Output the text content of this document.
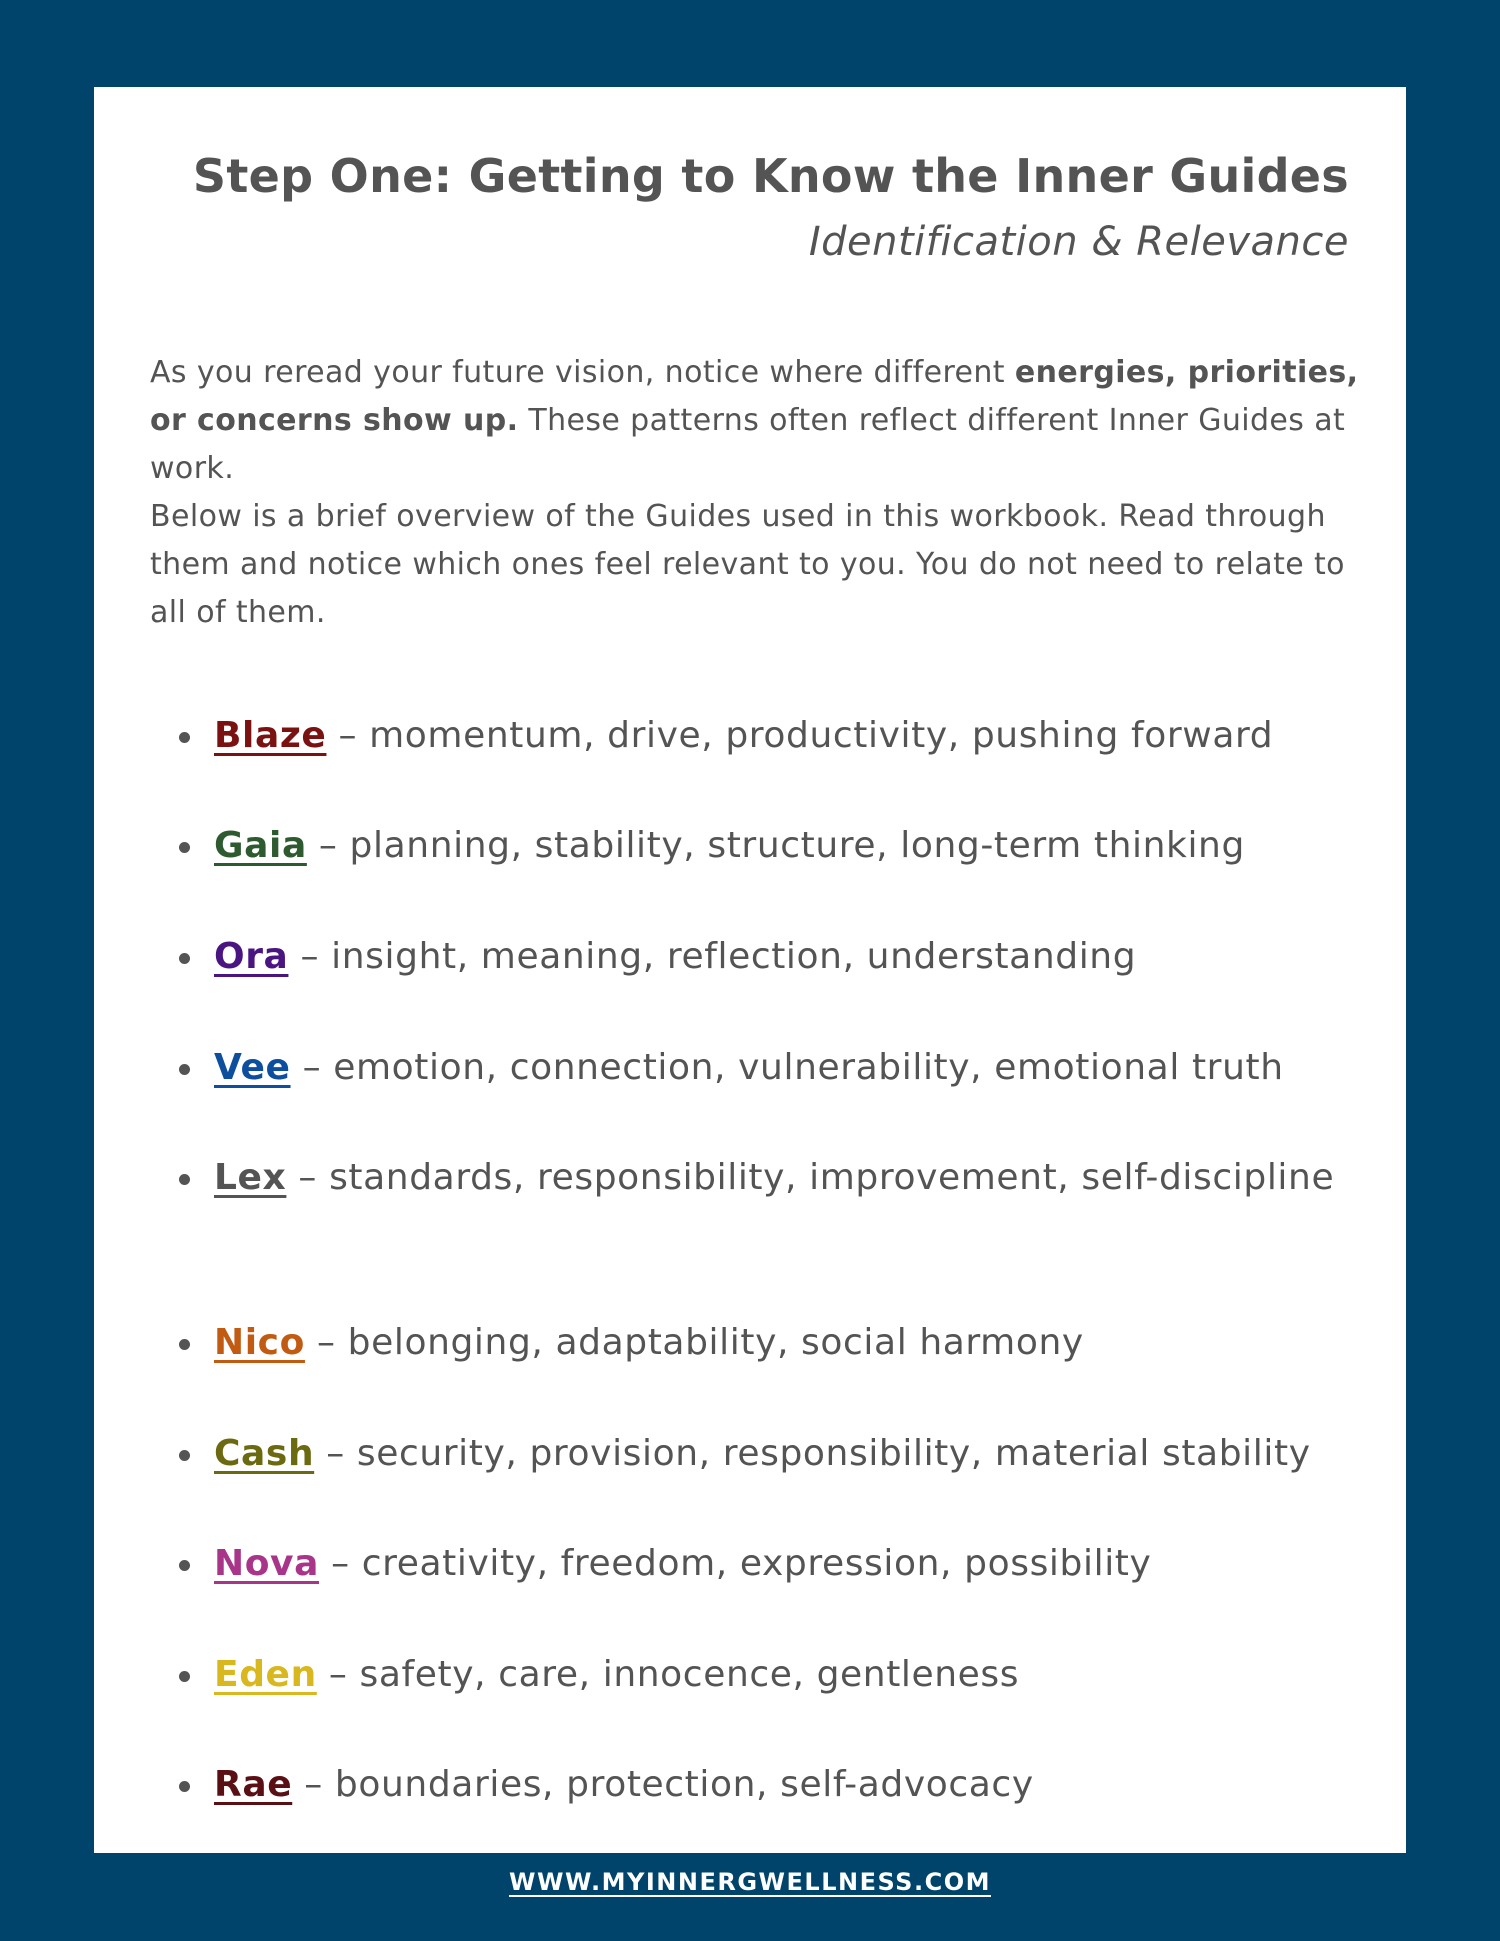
Step One: Getting to Know the Inner Guides
Identification & Relevance

As you reread your future vision, notice where different energies, priorities, or concerns show up. These patterns often reflect different Inner Guides at work.
Below is a brief overview of the Guides used in this workbook. Read through them and notice which ones feel relevant to you. You do not need to relate to all of them.

Blaze – momentum, drive, productivity, pushing forward
Gaia – planning, stability, structure, long-term thinking
Ora – insight, meaning, reflection, understanding
Vee – emotion, connection, vulnerability, emotional truth
Lex – standards, responsibility, improvement, self-discipline
Nico – belonging, adaptability, social harmony
Cash – security, provision, responsibility, material stability
Nova – creativity, freedom, expression, possibility
Eden – safety, care, innocence, gentleness
Rae – boundaries, protection, self-advocacy
WWW.MYINNERGWELLNESS.COM
